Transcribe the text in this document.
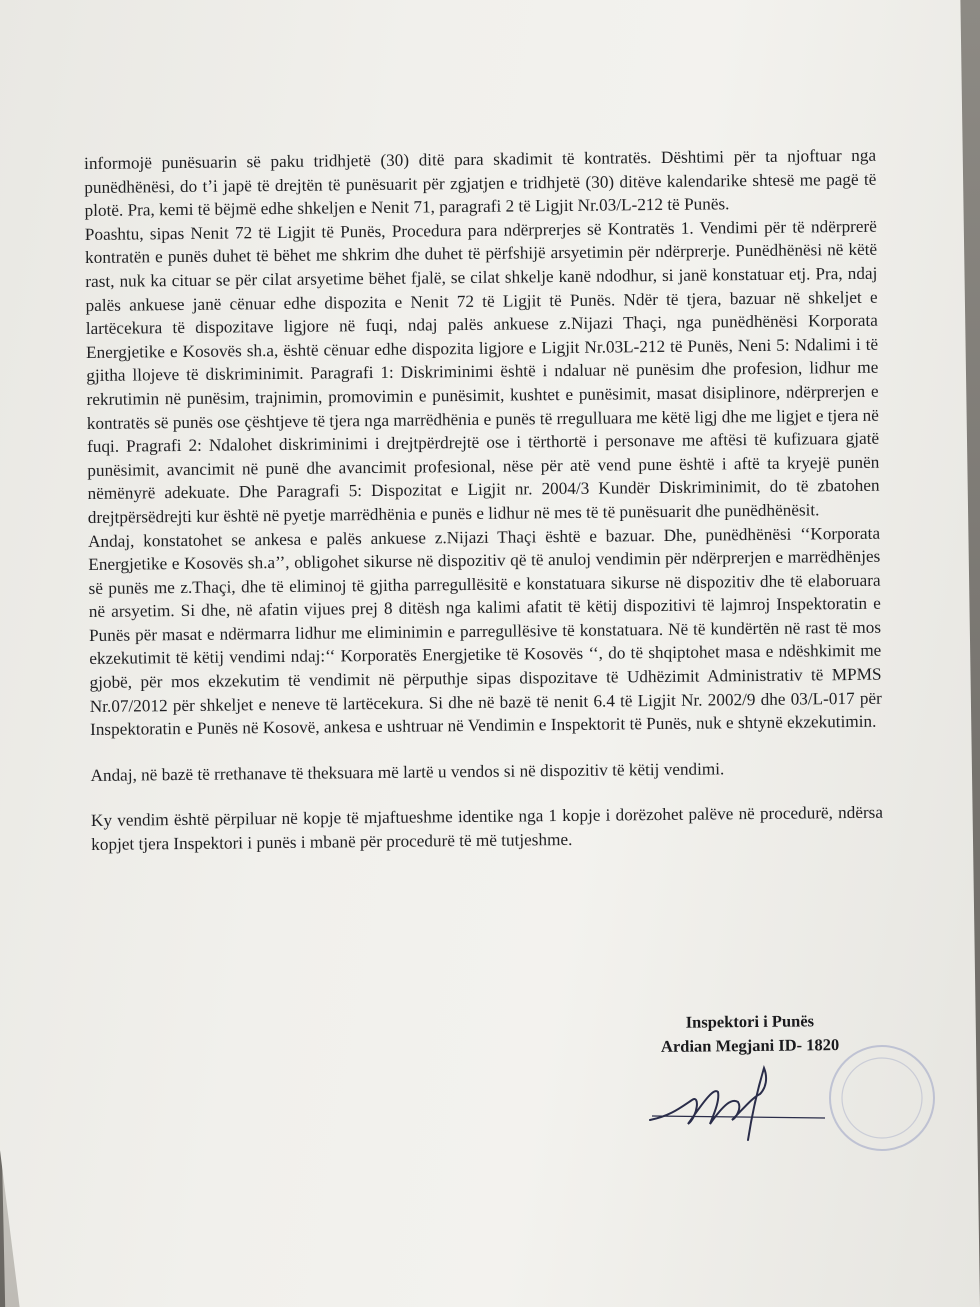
informojë punësuarin së paku tridhjetë (30) ditë para skadimit të kontratës. Dështimi për ta njoftuar nga punëdhënësi, do t’i japë të drejtën të punësuarit për zgjatjen e tridhjetë (30) ditëve kalendarike shtesë me pagë të plotë. Pra, kemi të bëjmë edhe shkeljen e Nenit 71, paragrafi 2 të Ligjit Nr.03/L-212 të Punës.

Poashtu, sipas Nenit 72 të Ligjit të Punës, Procedura para ndërprerjes së Kontratës 1. Vendimi për të ndërprerë kontratën e punës duhet të bëhet me shkrim dhe duhet të përfshijë arsyetimin për ndërprerje. Punëdhënësi në këtë rast, nuk ka cituar se për cilat arsyetime bëhet fjalë, se cilat shkelje kanë ndodhur, si janë konstatuar etj. Pra, ndaj palës ankuese janë cënuar edhe dispozita e Nenit 72 të Ligjit të Punës. Ndër të tjera, bazuar në shkeljet e lartëcekura të dispozitave ligjore në fuqi, ndaj palës ankuese z.Nijazi Thaçi, nga punëdhënësi Korporata Energjetike e Kosovës sh.a, është cënuar edhe dispozita ligjore e Ligjit Nr.03L-212 të Punës, Neni 5: Ndalimi i të gjitha llojeve të diskriminimit. Paragrafi 1: Diskriminimi është i ndaluar në punësim dhe profesion, lidhur me rekrutimin në punësim, trajnimin, promovimin e punësimit, kushtet e punësimit, masat disiplinore, ndërprerjen e kontratës së punës ose çështjeve të tjera nga marrëdhënia e punës të rregulluara me këtë ligj dhe me ligjet e tjera në fuqi. Pragrafi 2: Ndalohet diskriminimi i drejtpërdrejtë ose i tërthortë i personave me aftësi të kufizuara gjatë punësimit, avancimit në punë dhe avancimit profesional, nëse për atë vend pune është i aftë ta kryejë punën nëmënyrë adekuate. Dhe Paragrafi 5: Dispozitat e Ligjit nr. 2004/3 Kundër Diskriminimit, do të zbatohen drejtpërsëdrejti kur është në pyetje marrëdhënia e punës e lidhur në mes të të punësuarit dhe punëdhënësit.

Andaj, konstatohet se ankesa e palës ankuese z.Nijazi Thaçi është e bazuar. Dhe, punëdhënësi ‘‘Korporata Energjetike e Kosovës sh.a’’, obligohet sikurse në dispozitiv që të anuloj vendimin për ndërprerjen e marrëdhënjes së punës me z.Thaçi, dhe të eliminoj të gjitha parregullësitë e konstatuara sikurse në dispozitiv dhe të elaboruara në arsyetim. Si dhe, në afatin vijues prej 8 ditësh nga kalimi afatit të këtij dispozitivi të lajmroj Inspektoratin e Punës për masat e ndërmarra lidhur me eliminimin e parregullësive të konstatuara. Në të kundërtën në rast të mos ekzekutimit të këtij vendimi ndaj:‘‘ Korporatës Energjetike të Kosovës ‘‘, do të shqiptohet masa e ndëshkimit me gjobë, për mos ekzekutim të vendimit në përputhje sipas dispozitave të Udhëzimit Administrativ të MPMS Nr.07/2012 për shkeljet e neneve të lartëcekura. Si dhe në bazë të nenit 6.4 të Ligjit Nr. 2002/9 dhe 03/L-017 për Inspektoratin e Punës në Kosovë, ankesa e ushtruar në Vendimin e Inspektorit të Punës, nuk e shtynë ekzekutimin.

Andaj, në bazë të rrethanave të theksuara më lartë u vendos si në dispozitiv të këtij vendimi.

Ky vendim është përpiluar në kopje të mjaftueshme identike nga 1 kopje i dorëzohet palëve në procedurë, ndërsa kopjet tjera Inspektori i punës i mbanë për procedurë të më tutjeshme.

Inspektori i Punës
Ardian Megjani ID- 1820
